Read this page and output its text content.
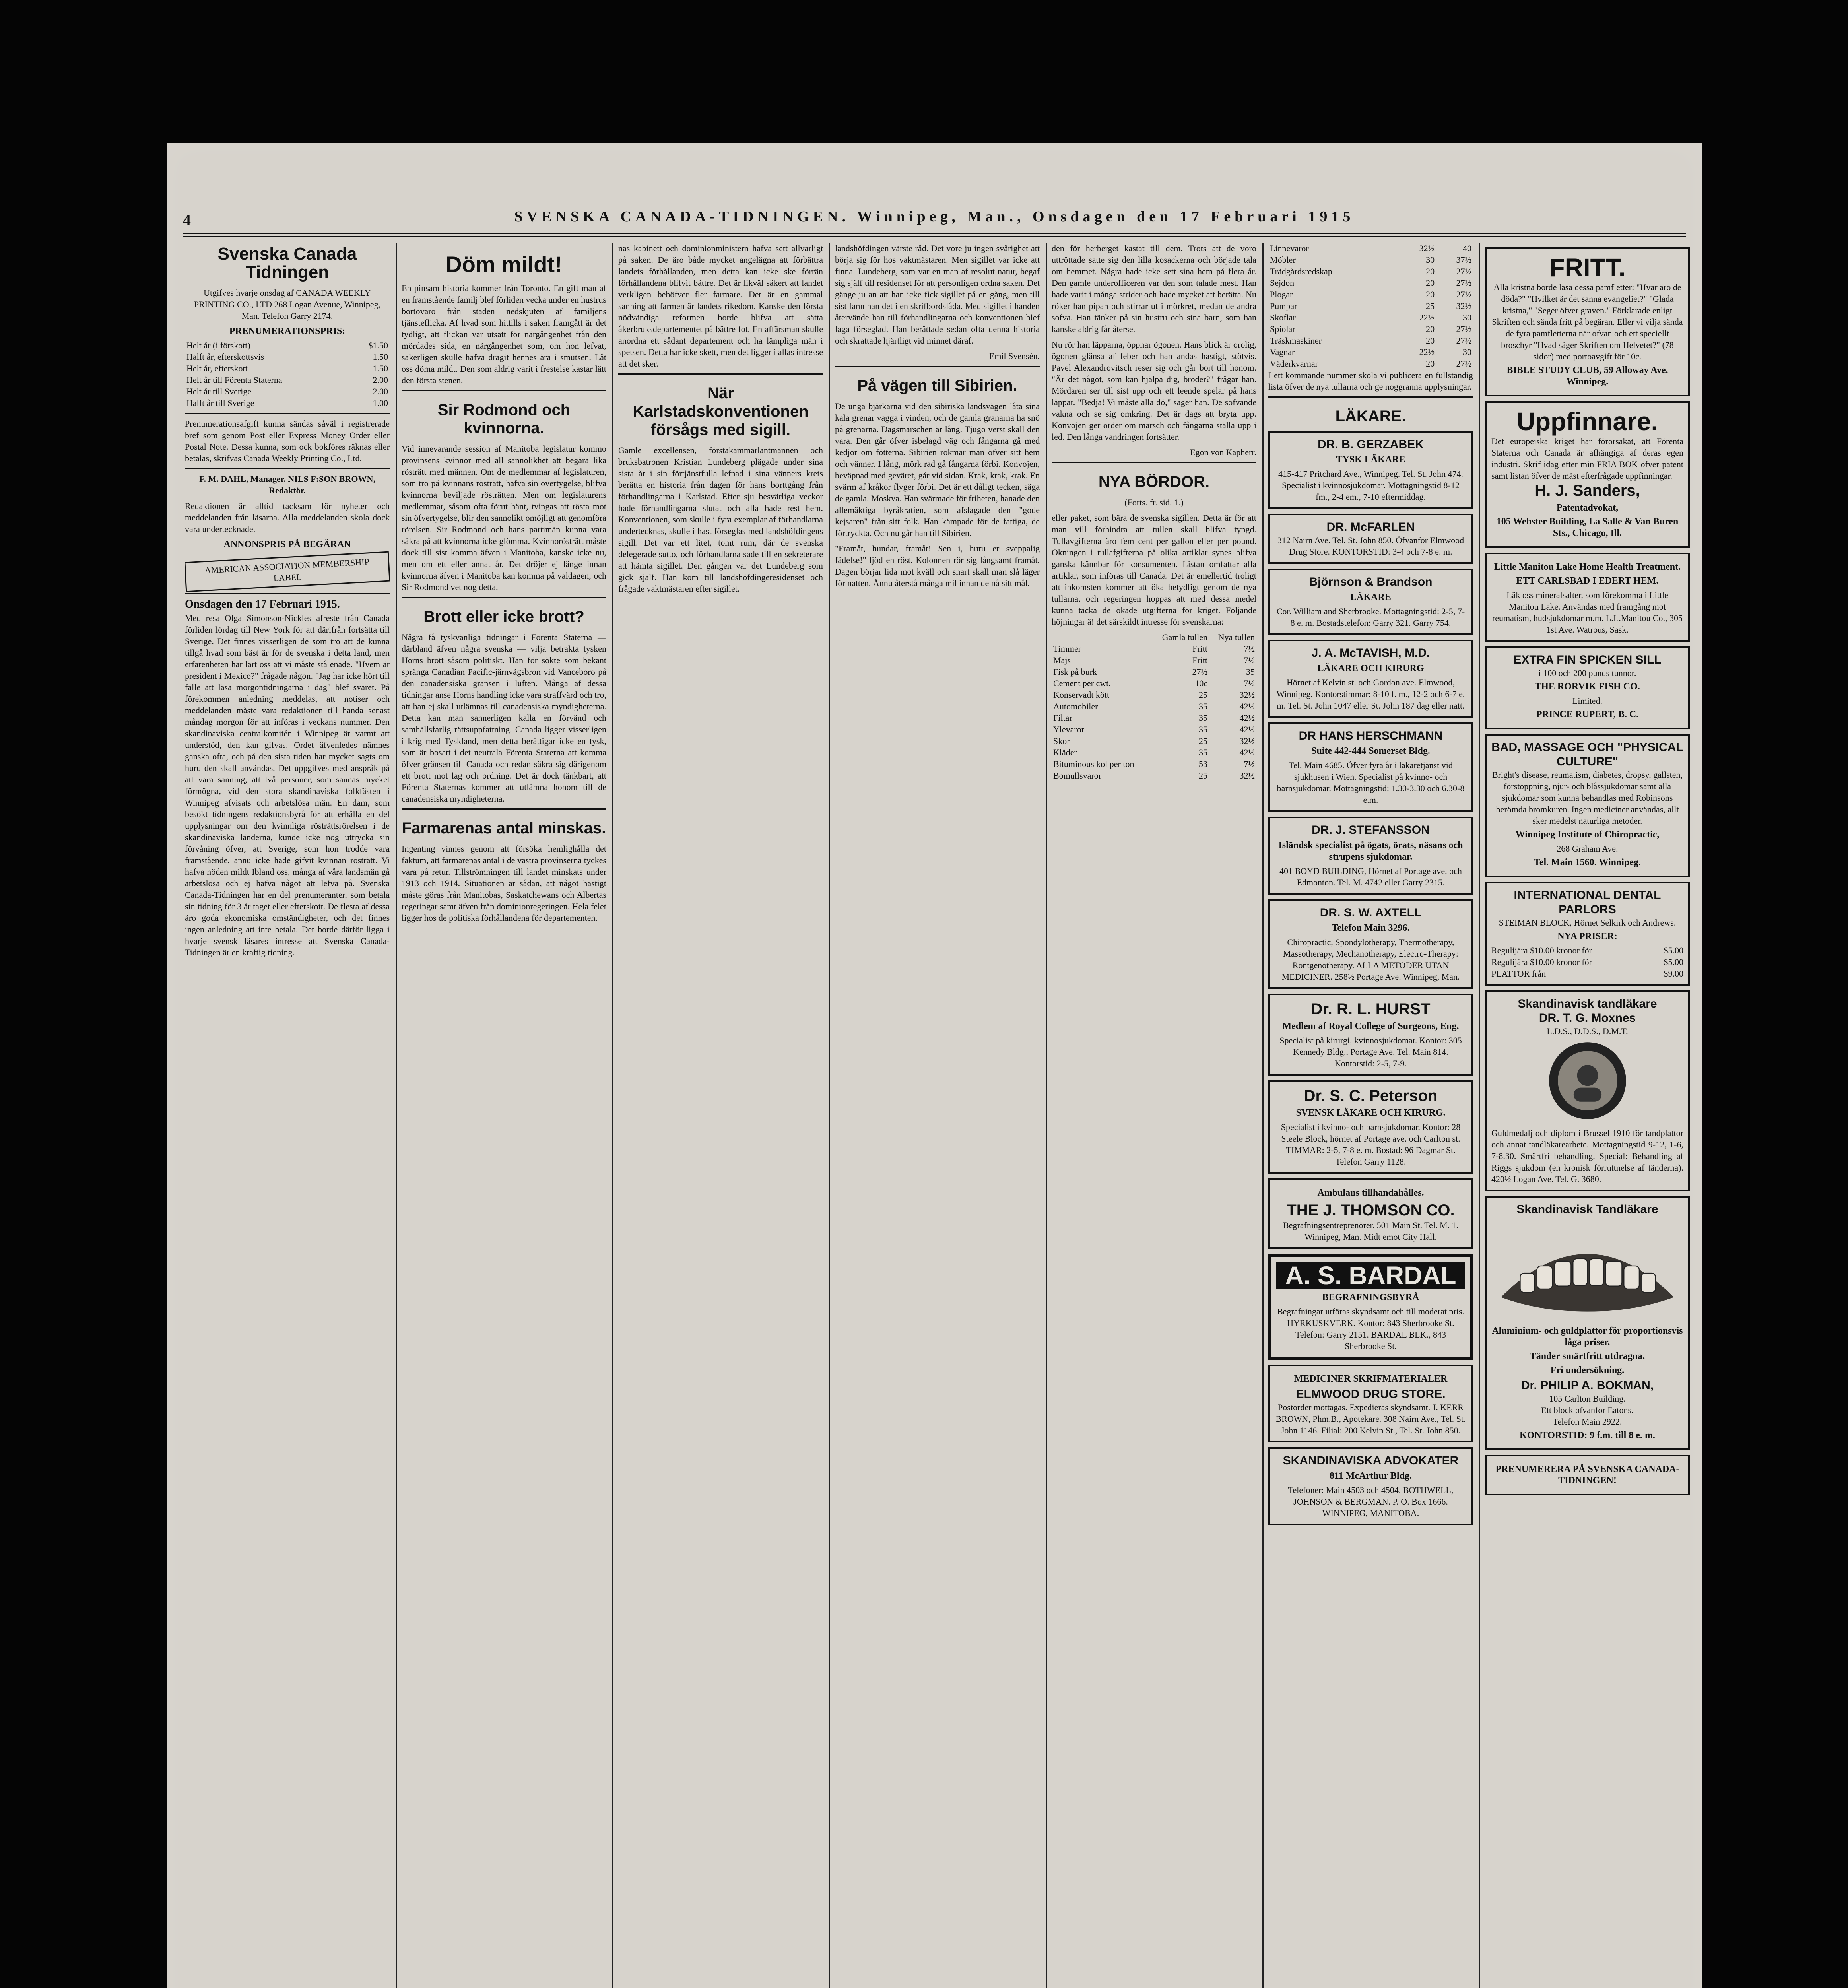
4	SVENSKA CANADA-TIDNINGEN. Winnipeg, Man., Onsdagen den 17 Februari 1915
Svenska Canada Tidningen

Utgifves hvarje onsdag af CANADA WEEKLY PRINTING CO., LTD 268 Logan Avenue, Winnipeg, Man. Telefon Garry 2174.

PRENUMERATIONSPRIS:
Helt år (i förskott)	$1.50
Halft år, efterskottsvis	1.50
Helt år, efterskott	1.50
Helt år till Förenta Staterna	2.00
Helt år till Sverige	2.00
Halft år till Sverige	1.00

Prenumerationsafgift kunna sändas såväl i registrerade bref som genom Post eller Express Money Order eller Postal Note. Dessa kunna, som ock bokföres räknas eller betalas, skrifvas Canada Weekly Printing Co., Ltd.

F. M. DAHL, Manager. NILS F:SON BROWN, Redaktör.

Redaktionen är alltid tacksam för nyheter och meddelanden från läsarna. Alla meddelanden skola dock vara undertecknade.

ANNONSPRIS PÅ BEGÄRAN
AMERICAN ASSOCIATION MEMBERSHIP LABEL
Onsdagen den 17 Februari 1915.

Med resa Olga Simonson-Nickles afreste från Canada förliden lördag till New York för att därifrån fortsätta till Sverige. Det finnes visserligen de som tro att de kunna tillgå hvad som bäst är för de svenska i detta land, men erfarenheten har lärt oss att vi måste stå enade. "Hvem är president i Mexico?" frågade någon. "Jag har icke hört till fälle att läsa morgontidningarna i dag" blef svaret. På förekommen anledning meddelas, att notiser och meddelanden måste vara redaktionen till handa senast måndag morgon för att införas i veckans nummer. Den skandinaviska centralkomitén i Winnipeg är varmt att understöd, den kan gifvas. Ordet äfvenledes nämnes ganska ofta, och på den sista tiden har mycket sagts om huru den skall användas. Det uppgifves med anspråk på att vara sanning, att två personer, som sannas mycket förmögna, vid den stora skandinaviska folkfästen i Winnipeg afvisats och arbetslösa män. En dam, som besökt tidningens redaktionsbyrå för att erhålla en del upplysningar om den kvinnliga rösträttsrörelsen i de skandinaviska länderna, kunde icke nog uttrycka sin förvåning öfver, att Sverige, som hon trodde vara framstående, ännu icke hade gifvit kvinnan rösträtt. Vi hafva nöden mildt Ibland oss, många af våra landsmän gå arbetslösa och ej hafva något att lefva på. Svenska Canada-Tidningen har en del prenumeranter, som betala sin tidning för 3 år taget eller efterskott. De flesta af dessa äro goda ekonomiska omständigheter, och det finnes ingen anledning att inte betala. Det borde därför ligga i hvarje svensk läsares intresse att Svenska Canada-Tidningen är en kraftig tidning.

Döm mildt!

En pinsam historia kommer från Toronto. En gift man af en framstående familj blef förliden vecka under en hustrus bortovaro från staden nedskjuten af familjens tjänsteflicka. Af hvad som hittills i saken framgått är det tydligt, att flickan var utsatt för närgångenhet från den mördades sida, en närgångenhet som, om hon lefvat, säkerligen skulle hafva dragit hennes ära i smutsen. Låt oss döma mildt. Den som aldrig varit i frestelse kastar lätt den första stenen.

Sir Rodmond och kvinnorna.

Vid innevarande session af Manitoba legislatur kommo provinsens kvinnor med all sannolikhet att begära lika rösträtt med männen. Om de medlemmar af legislaturen, som tro på kvinnans rösträtt, hafva sin övertygelse, blifva kvinnorna beviljade rösträtten. Men om legislaturens medlemmar, såsom ofta förut hänt, tvingas att rösta mot sin öfvertygelse, blir den sannolikt omöjligt att genomföra rörelsen. Sir Rodmond och hans partimän kunna vara säkra på att kvinnorna icke glömma. Kvinnorösträtt måste dock till sist komma äfven i Manitoba, kanske icke nu, men om ett eller annat år. Det dröjer ej länge innan kvinnorna äfven i Manitoba kan komma på valdagen, och Sir Rodmond vet nog detta.

Brott eller icke brott?

Några få tyskvänliga tidningar i Förenta Staterna — därbland äfven några svenska — vilja betrakta tysken Horns brott såsom politiskt. Han för sökte som bekant spränga Canadian Pacific-järnvägsbron vid Vanceboro på den canadensiska gränsen i luften. Många af dessa tidningar anse Horns handling icke vara straffvärd och tro, att han ej skall utlämnas till canadensiska myndigheterna. Detta kan man sannerligen kalla en förvänd och samhällsfarlig rättsuppfattning. Canada ligger visserligen i krig med Tyskland, men detta berättigar icke en tysk, som är bosatt i det neutrala Förenta Staterna att komma öfver gränsen till Canada och redan säkra sig därigenom ett brott mot lag och ordning. Det är dock tänkbart, att Förenta Staternas kommer att utlämna honom till de canadensiska myndigheterna.

Farmarenas antal minskas.

Ingenting vinnes genom att försöka hemlighålla det faktum, att farmarenas antal i de västra provinserna tyckes vara på retur. Tillströmningen till landet minskats under 1913 och 1914. Situationen är sådan, att något hastigt måste göras från Manitobas, Saskatchewans och Albertas regeringar samt äfven från dominionregeringen. Hela felet ligger hos de politiska förhållandena för departementen.

nas kabinett och dominionministern hafva sett allvarligt på saken. De äro både mycket angelägna att förbättra landets förhållanden, men detta kan icke ske förrän förhållandena blifvit bättre. Det är likväl säkert att landet verkligen behöfver fler farmare. Det är en gammal sanning att farmen är landets rikedom. Kanske den första nödvändiga reformen borde blifva att sätta åkerbruksdepartementet på bättre fot. En affärsman skulle anordna ett sådant departement och ha lämpliga män i spetsen. Detta har icke skett, men det ligger i allas intresse att det sker.

När Karlstadskonventionen försågs med sigill.

Gamle excellensen, förstakammarlantmannen och bruksbatronen Kristian Lundeberg plägade under sina sista år i sin förtjänstfulla lefnad i sina vänners krets berätta en historia från dagen för hans borttgång från förhandlingarna i Karlstad. Efter sju besvärliga veckor hade förhandlingarna slutat och alla hade rest hem. Konventionen, som skulle i fyra exemplar af förhandlarna undertecknas, skulle i hast förseglas med landshöfdingens sigill. Det var ett litet, tomt rum, där de svenska delegerade sutto, och förhandlarna sade till en sekreterare att hämta sigillet. Den gången var det Lundeberg som gick själf. Han kom till landshöfdingeresidenset och frågade vaktmästaren efter sigillet.

landshöfdingen värste råd. Det vore ju ingen svårighet att börja sig för hos vaktmästaren. Men sigillet var icke att finna. Lundeberg, som var en man af resolut natur, begaf sig själf till residenset för att personligen ordna saken. Det gänge ju an att han icke fick sigillet på en gång, men till sist fann han det i en skrifbordslåda. Med sigillet i handen återvände han till förhandlingarna och konventionen blef laga förseglad. Han berättade sedan ofta denna historia och skrattade hjärtligt vid minnet däraf.

Emil Svensén.

På vägen till Sibirien.

De unga bjärkarna vid den sibiriska landsvägen låta sina kala grenar vagga i vinden, och de gamla granarna ha snö på grenarna. Dagsmarschen är lång. Tjugo verst skall den vara. Den går öfver isbelagd väg och fångarna gå med kedjor om fötterna. Sibirien rökmar man öfver sitt hem och vänner. I lång, mörk rad gå fångarna förbi. Konvojen, beväpnad med geväret, går vid sidan. Krak, krak, krak. En svärm af kråkor flyger förbi. Det är ett dåligt tecken, säga de gamla. Moskva. Han svärmade för friheten, hanade den allemäktiga byråkratien, som afslagade den "gode kejsaren" från sitt folk. Han kämpade för de fattiga, de förtryckta. Och nu går han till Sibirien.

"Framåt, hundar, framåt! Sen i, huru er sveppalig fädelse!" ljöd en röst. Kolonnen rör sig långsamt framåt. Dagen börjar lida mot kväll och snart skall man slå läger för natten. Ännu återstå många mil innan de nå sitt mål.

den för herberget kastat till dem. Trots att de voro uttröttade satte sig den lilla kosackerna och började tala om hemmet. Några hade icke sett sina hem på flera år. Den gamle underofficeren var den som talade mest. Han hade varit i många strider och hade mycket att berätta. Nu röker han pipan och stirrar ut i mörkret, medan de andra sofva. Han tänker på sin hustru och sina barn, som han kanske aldrig får återse.

Nu rör han läpparna, öppnar ögonen. Hans blick är orolig, ögonen glänsa af feber och han andas hastigt, stötvis. Pavel Alexandrovitsch reser sig och går bort till honom. "Är det något, som kan hjälpa dig, broder?" frågar han. Mördaren ser till sist upp och ett leende spelar på hans läppar. "Bedja! Vi måste alla dö," säger han. De sofvande vakna och se sig omkring. Det är dags att bryta upp. Konvojen ger order om marsch och fångarna ställa upp i led. Den långa vandringen fortsätter.

Egon von Kapherr.

NYA BÖRDOR.

(Forts. fr. sid. 1.)

eller paket, som bära de svenska sigillen. Detta är för att man vill förhindra att tullen skall blifva tyngd. Tullavgifterna äro fem cent per gallon eller per pound. Okningen i tullafgifterna på olika artiklar synes blifva ganska kännbar för konsumenten. Listan omfattar alla artiklar, som införas till Canada. Det är emellertid troligt att inkomsten kommer att öka betydligt genom de nya tullarna, och regeringen hoppas att med dessa medel kunna täcka de ökade utgifterna för kriget. Följande höjningar ä! det särskildt intresse för svenskarna:

	Gamla tullen	Nya tullen
Timmer	Fritt	7½
Majs	Fritt	7½
Fisk på burk	27½	35
Cement per cwt.	10c	7½
Konservadt kött	25	32½
Automobiler	35	42½
Filtar	35	42½
Ylevaror	35	42½
Skor	25	32½
Kläder	35	42½
Bituminous kol per ton	53	7½
Bomullsvaror	25	32½
Linnevaror	32½	40
Möbler	30	37½
Trädgårdsredskap	20	27½
Sejdon	20	27½
Plogar	20	27½
Pumpar	25	32½
Skoflar	22½	30
Spiolar	20	27½
Träskmaskiner	20	27½
Vagnar	22½	30
Väderkvarnar	20	27½

I ett kommande nummer skola vi publicera en fullständig lista öfver de nya tullarna och ge noggranna upplysningar.

LÄKARE.
DR. B. GERZABEK
TYSK LÄKARE
415-417 Pritchard Ave., Winnipeg. Tel. St. John 474. Specialist i kvinnosjukdomar. Mottagningstid 8-12 fm., 2-4 em., 7-10 eftermiddag.
DR. McFARLEN
312 Nairn Ave. Tel. St. John 850. Öfvanför Elmwood Drug Store. KONTORSTID: 3-4 och 7-8 e. m.
Björnson & Brandson
LÄKARE
Cor. William and Sherbrooke. Mottagningstid: 2-5, 7-8 e. m. Bostadstelefon: Garry 321. Garry 754.
J. A. McTAVISH, M.D.
LÄKARE OCH KIRURG
Hörnet af Kelvin st. och Gordon ave. Elmwood, Winnipeg. Kontorstimmar: 8-10 f. m., 12-2 och 6-7 e. m. Tel. St. John 1047 eller St. John 187 dag eller natt.
DR HANS HERSCHMANN
Suite 442-444 Somerset Bldg.
Tel. Main 4685. Öfver fyra år i läkaretjänst vid sjukhusen i Wien. Specialist på kvinno- och barnsjukdomar. Mottagningstid: 1.30-3.30 och 6.30-8 e.m.
DR. J. STEFANSSON
Isländsk specialist på ögats, örats, näsans och strupens sjukdomar.
401 BOYD BUILDING, Hörnet af Portage ave. och Edmonton. Tel. M. 4742 eller Garry 2315.
DR. S. W. AXTELL
Telefon Main 3296.
Chiropractic, Spondylotherapy, Thermotherapy, Massotherapy, Mechanotherapy, Electro-Therapy: Röntgenotherapy. ALLA METODER UTAN MEDICINER. 258½ Portage Ave. Winnipeg, Man.
Dr. R. L. HURST
Medlem af Royal College of Surgeons, Eng.
Specialist på kirurgi, kvinnosjukdomar. Kontor: 305 Kennedy Bldg., Portage Ave. Tel. Main 814. Kontorstid: 2-5, 7-9.
Dr. S. C. Peterson
SVENSK LÄKARE OCH KIRURG.
Specialist i kvinno- och barnsjukdomar. Kontor: 28 Steele Block, hörnet af Portage ave. och Carlton st. TIMMAR: 2-5, 7-8 e. m. Bostad: 96 Dagmar St. Telefon Garry 1128.
Ambulans tillhandahålles.
THE J. THOMSON CO.
Begrafningsentreprenörer. 501 Main St. Tel. M. 1. Winnipeg, Man. Midt emot City Hall.
A. S. BARDAL
BEGRAFNINGSBYRÅ
Begrafningar utföras skyndsamt och till moderat pris. HYRKUSKVERK. Kontor: 843 Sherbrooke St. Telefon: Garry 2151. BARDAL BLK., 843 Sherbrooke St.
MEDICINER SKRIFMATERIALER
ELMWOOD DRUG STORE.
Postorder mottagas. Expedieras skyndsamt. J. KERR BROWN, Phm.B., Apotekare. 308 Nairn Ave., Tel. St. John 1146. Filial: 200 Kelvin St., Tel. St. John 850.
SKANDINAVISKA ADVOKATER
811 McArthur Bldg.
Telefoner: Main 4503 och 4504. BOTHWELL, JOHNSON & BERGMAN. P. O. Box 1666. WINNIPEG, MANITOBA.
FRITT.
Alla kristna borde läsa dessa pamfletter: "Hvar äro de döda?" "Hvilket är det sanna evangeliet?" "Glada kristna," "Seger öfver graven." Förklarade enligt Skriften och sända fritt på begäran. Eller vi vilja sända de fyra pamfletterna när ofvan och ett speciellt broschyr "Hvad säger Skriften om Helvetet?" (78 sidor) med portoavgift för 10c.
BIBLE STUDY CLUB, 59 Alloway Ave. Winnipeg.
Uppfinnare.
Det europeiska kriget har förorsakat, att Förenta Staterna och Canada är afhängiga af deras egen industri. Skrif idag efter min FRIA BOK öfver patent samt listan öfver de mäst efterfrågade uppfinningar.
H. J. Sanders,
Patentadvokat,
105 Webster Building, La Salle & Van Buren Sts., Chicago, Ill.
Little Manitou Lake Home Health Treatment.
ETT CARLSBAD I EDERT HEM.
Läk oss mineralsalter, som förekomma i Little Manitou Lake. Användas med framgång mot reumatism, hudsjukdomar m.m. L.L.Manitou Co., 305 1st Ave. Watrous, Sask.
EXTRA FIN SPICKEN SILL
i 100 och 200 punds tunnor.
THE RORVIK FISH CO.
Limited.
PRINCE RUPERT, B. C.
BAD, MASSAGE OCH "PHYSICAL CULTURE"
Bright's disease, reumatism, diabetes, dropsy, gallsten, förstoppning, njur- och blåssjukdomar samt alla sjukdomar som kunna behandlas med Robinsons berömda bromkuren. Ingen mediciner användas, allt sker medelst naturliga metoder.
Winnipeg Institute of Chiropractic,
268 Graham Ave.
Tel. Main 1560. Winnipeg.
INTERNATIONAL DENTAL PARLORS
STEIMAN BLOCK, Hörnet Selkirk och Andrews.
NYA PRISER:
Regulijära $10.00 kronor för	$5.00
Regulijära $10.00 kronor för	$5.00
PLATTOR från	$9.00
Skandinavisk tandläkare
DR. T. G. Moxnes
L.D.S., D.D.S., D.M.T.
Guldmedalj och diplom i Brussel 1910 för tandplattor och annat tandläkarearbete. Mottagningstid 9-12, 1-6, 7-8.30. Smärtfri behandling. Special: Behandling af Riggs sjukdom (en kronisk förruttnelse af tänderna). 420½ Logan Ave. Tel. G. 3680.
Skandinavisk Tandläkare
Aluminium- och guldplattor för proportionsvis låga priser.
Tänder smärtfritt utdragna.
Fri undersökning.
Dr. PHILIP A. BOKMAN,
105 Carlton Building.
Ett block ofvanför Eatons.
Telefon Main 2922.
KONTORSTID: 9 f.m. till 8 e. m.
PRENUMERERA PÅ SVENSKA CANADA-TIDNINGEN!
